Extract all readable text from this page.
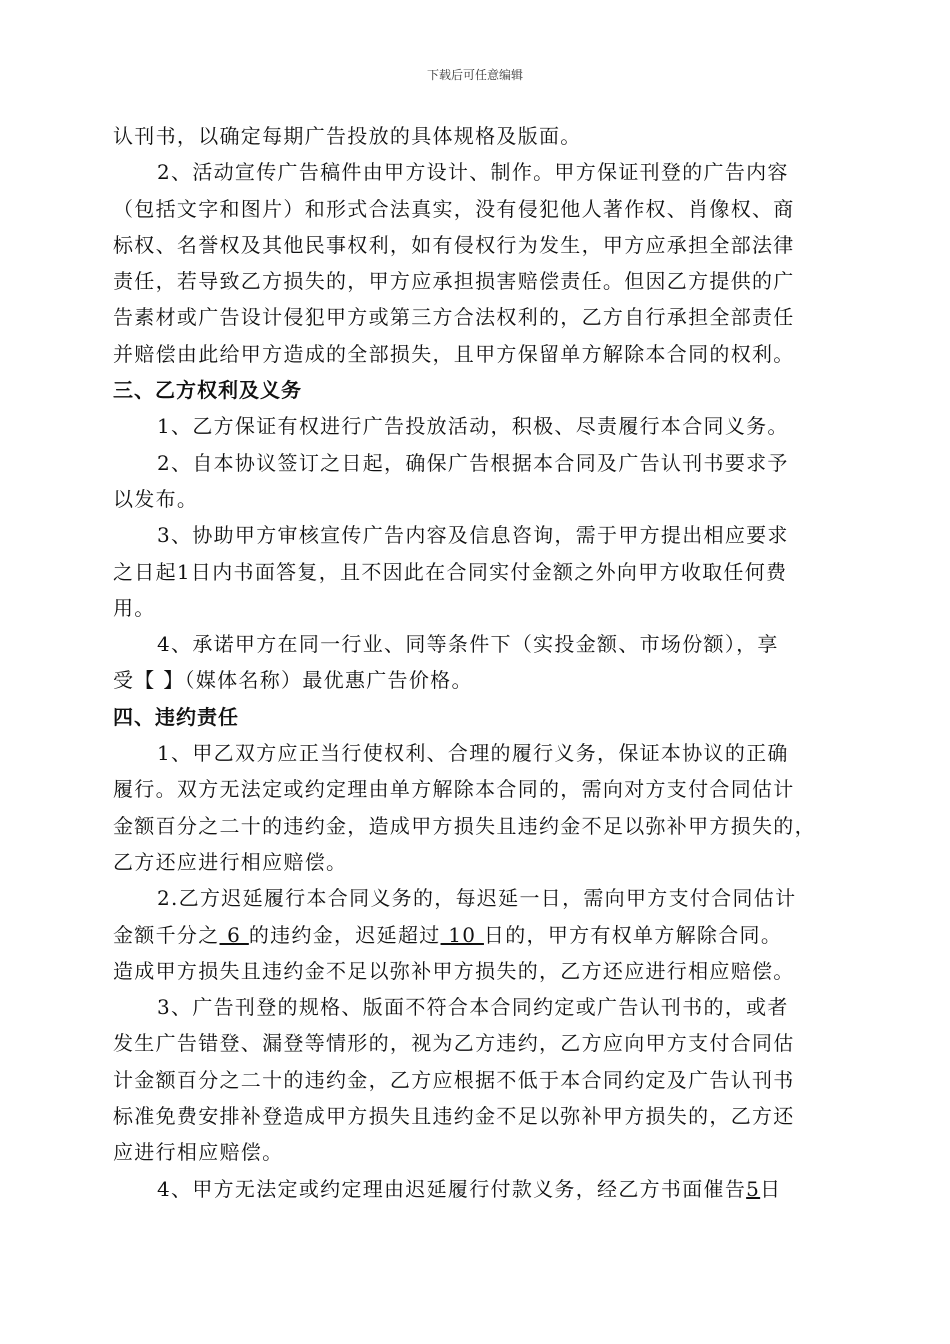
下载后可任意编辑
认刊书，以确定每期广告投放的具体规格及版面。
2、活动宣传广告稿件由甲方设计、制作。甲方保证刊登的广告内容
（包括文字和图片）和形式合法真实，没有侵犯他人著作权、肖像权、商
标权、名誉权及其他民事权利，如有侵权行为发生，甲方应承担全部法律
责任，若导致乙方损失的，甲方应承担损害赔偿责任。但因乙方提供的广
告素材或广告设计侵犯甲方或第三方合法权利的，乙方自行承担全部责任
并赔偿由此给甲方造成的全部损失，且甲方保留单方解除本合同的权利。
三、乙方权利及义务
1、乙方保证有权进行广告投放活动，积极、尽责履行本合同义务。
2、自本协议签订之日起，确保广告根据本合同及广告认刊书要求予
以发布。
3、协助甲方审核宣传广告内容及信息咨询，需于甲方提出相应要求
之日起1日内书面答复，且不因此在合同实付金额之外向甲方收取任何费
用。
4、承诺甲方在同一行业、同等条件下（实投金额、市场份额），享
受【 】（媒体名称）最优惠广告价格。
四、违约责任
1、甲乙双方应正当行使权利、合理的履行义务，保证本协议的正确
履行。双方无法定或约定理由单方解除本合同的，需向对方支付合同估计
金额百分之二十的违约金，造成甲方损失且违约金不足以弥补甲方损失的，
乙方还应进行相应赔偿。
2.乙方迟延履行本合同义务的，每迟延一日，需向甲方支付合同估计
金额千分之 6 的违约金，迟延超过 10 日的，甲方有权单方解除合同。
造成甲方损失且违约金不足以弥补甲方损失的，乙方还应进行相应赔偿。
3、广告刊登的规格、版面不符合本合同约定或广告认刊书的，或者
发生广告错登、漏登等情形的，视为乙方违约，乙方应向甲方支付合同估
计金额百分之二十的违约金，乙方应根据不低于本合同约定及广告认刊书
标准免费安排补登造成甲方损失且违约金不足以弥补甲方损失的，乙方还
应进行相应赔偿。
4、甲方无法定或约定理由迟延履行付款义务，经乙方书面催告5日
